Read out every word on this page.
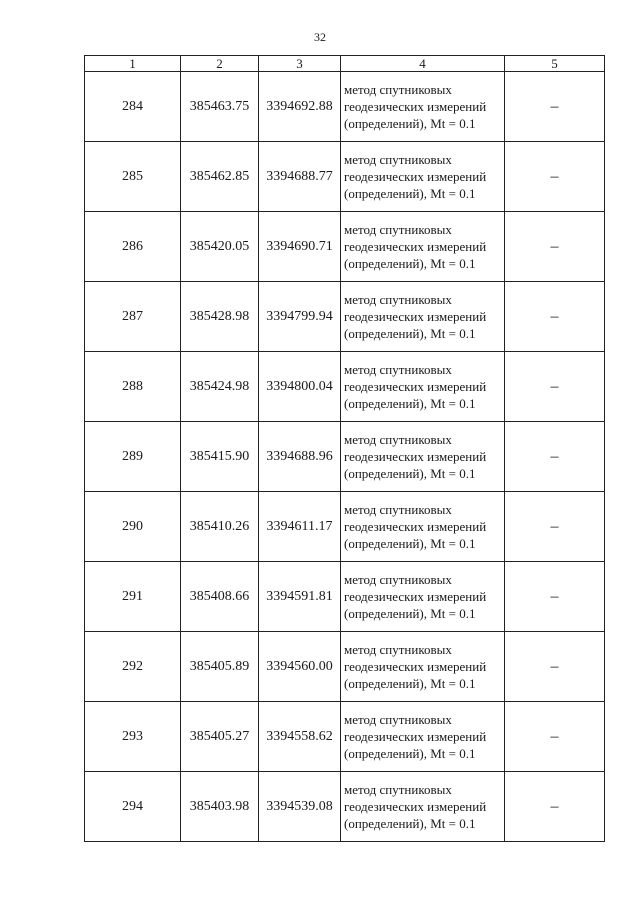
32
1	2	3	4	5
284	385463.75	3394692.88	метод спутниковых геодезических измерений (определений), Mt = 0.1	–
285	385462.85	3394688.77	метод спутниковых геодезических измерений (определений), Mt = 0.1	–
286	385420.05	3394690.71	метод спутниковых геодезических измерений (определений), Mt = 0.1	–
287	385428.98	3394799.94	метод спутниковых геодезических измерений (определений), Mt = 0.1	–
288	385424.98	3394800.04	метод спутниковых геодезических измерений (определений), Mt = 0.1	–
289	385415.90	3394688.96	метод спутниковых геодезических измерений (определений), Mt = 0.1	–
290	385410.26	3394611.17	метод спутниковых геодезических измерений (определений), Mt = 0.1	–
291	385408.66	3394591.81	метод спутниковых геодезических измерений (определений), Mt = 0.1	–
292	385405.89	3394560.00	метод спутниковых геодезических измерений (определений), Mt = 0.1	–
293	385405.27	3394558.62	метод спутниковых геодезических измерений (определений), Mt = 0.1	–
294	385403.98	3394539.08	метод спутниковых геодезических измерений (определений), Mt = 0.1	–
